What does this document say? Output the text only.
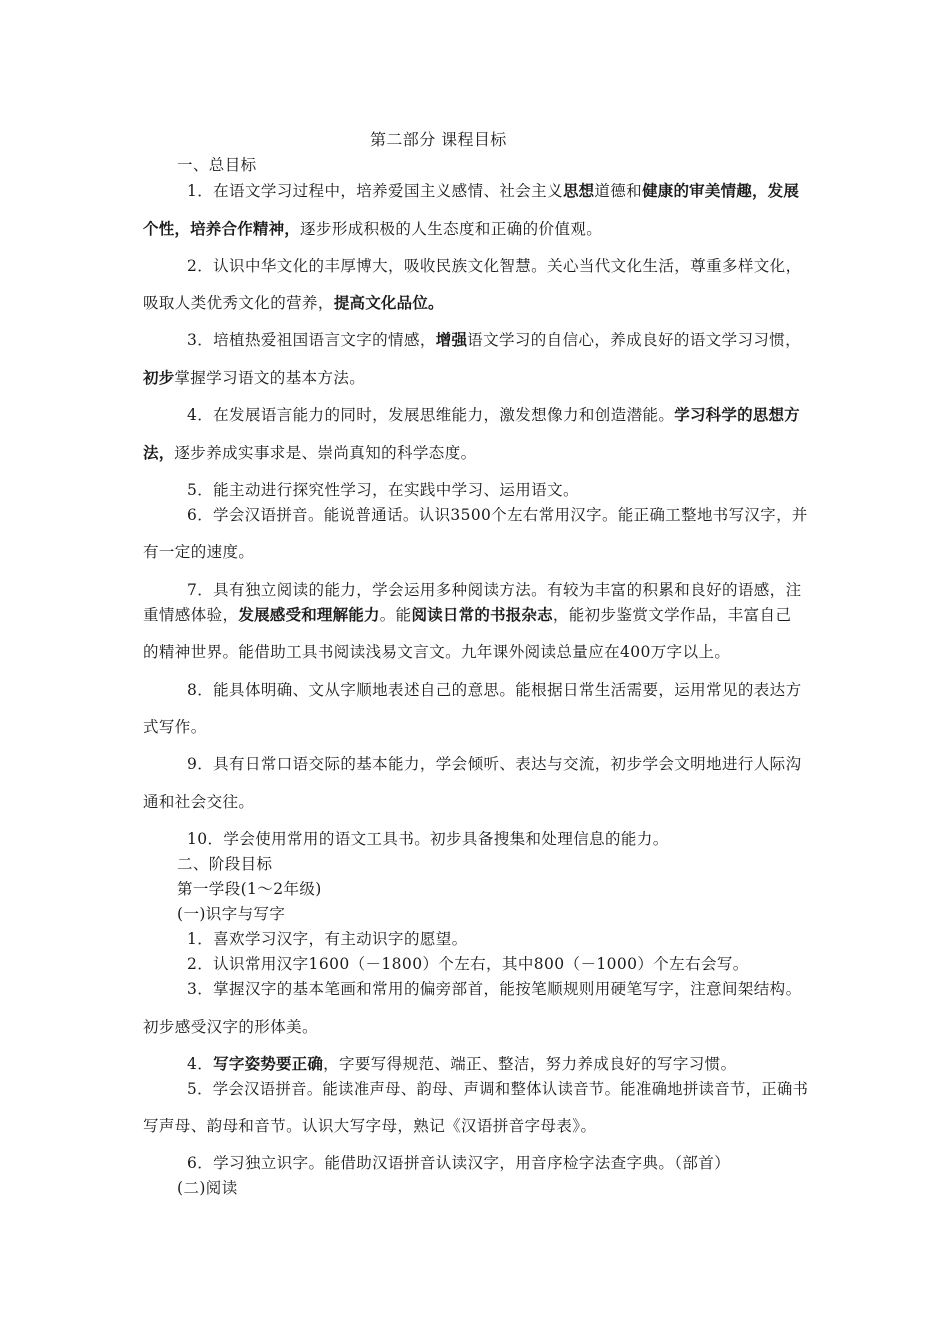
第二部分 课程目标
一、总目标
1．在语文学习过程中，培养爱国主义感情、社会主义思想道德和健康的审美情趣，发展
个性，培养合作精神，逐步形成积极的人生态度和正确的价值观。
2．认识中华文化的丰厚博大，吸收民族文化智慧。关心当代文化生活，尊重多样文化，
吸取人类优秀文化的营养，提高文化品位。
3．培植热爱祖国语言文字的情感，增强语文学习的自信心，养成良好的语文学习习惯，
初步掌握学习语文的基本方法。
4．在发展语言能力的同时，发展思维能力，激发想像力和创造潜能。学习科学的思想方
法，逐步养成实事求是、崇尚真知的科学态度。
5．能主动进行探究性学习，在实践中学习、运用语文。
6．学会汉语拼音。能说普通话。认识3500个左右常用汉字。能正确工整地书写汉字，并
有一定的速度。
7．具有独立阅读的能力，学会运用多种阅读方法。有较为丰富的积累和良好的语感，注
重情感体验，发展感受和理解能力。能阅读日常的书报杂志，能初步鉴赏文学作品，丰富自己
的精神世界。能借助工具书阅读浅易文言文。九年课外阅读总量应在400万字以上。
8．能具体明确、文从字顺地表述自己的意思。能根据日常生活需要，运用常见的表达方
式写作。
9．具有日常口语交际的基本能力，学会倾听、表达与交流，初步学会文明地进行人际沟
通和社会交往。
10．学会使用常用的语文工具书。初步具备搜集和处理信息的能力。
二、阶段目标
第一学段(1～2年级)
(一)识字与写字
1．喜欢学习汉字，有主动识字的愿望。
2．认识常用汉字1600（－1800）个左右，其中800（－1000）个左右会写。
3．掌握汉字的基本笔画和常用的偏旁部首，能按笔顺规则用硬笔写字，注意间架结构。
初步感受汉字的形体美。
4．写字姿势要正确，字要写得规范、端正、整洁，努力养成良好的写字习惯。
5．学会汉语拼音。能读准声母、韵母、声调和整体认读音节。能准确地拼读音节，正确书
写声母、韵母和音节。认识大写字母，熟记《汉语拼音字母表》。
6．学习独立识字。能借助汉语拼音认读汉字，用音序检字法查字典。（部首）
(二)阅读
